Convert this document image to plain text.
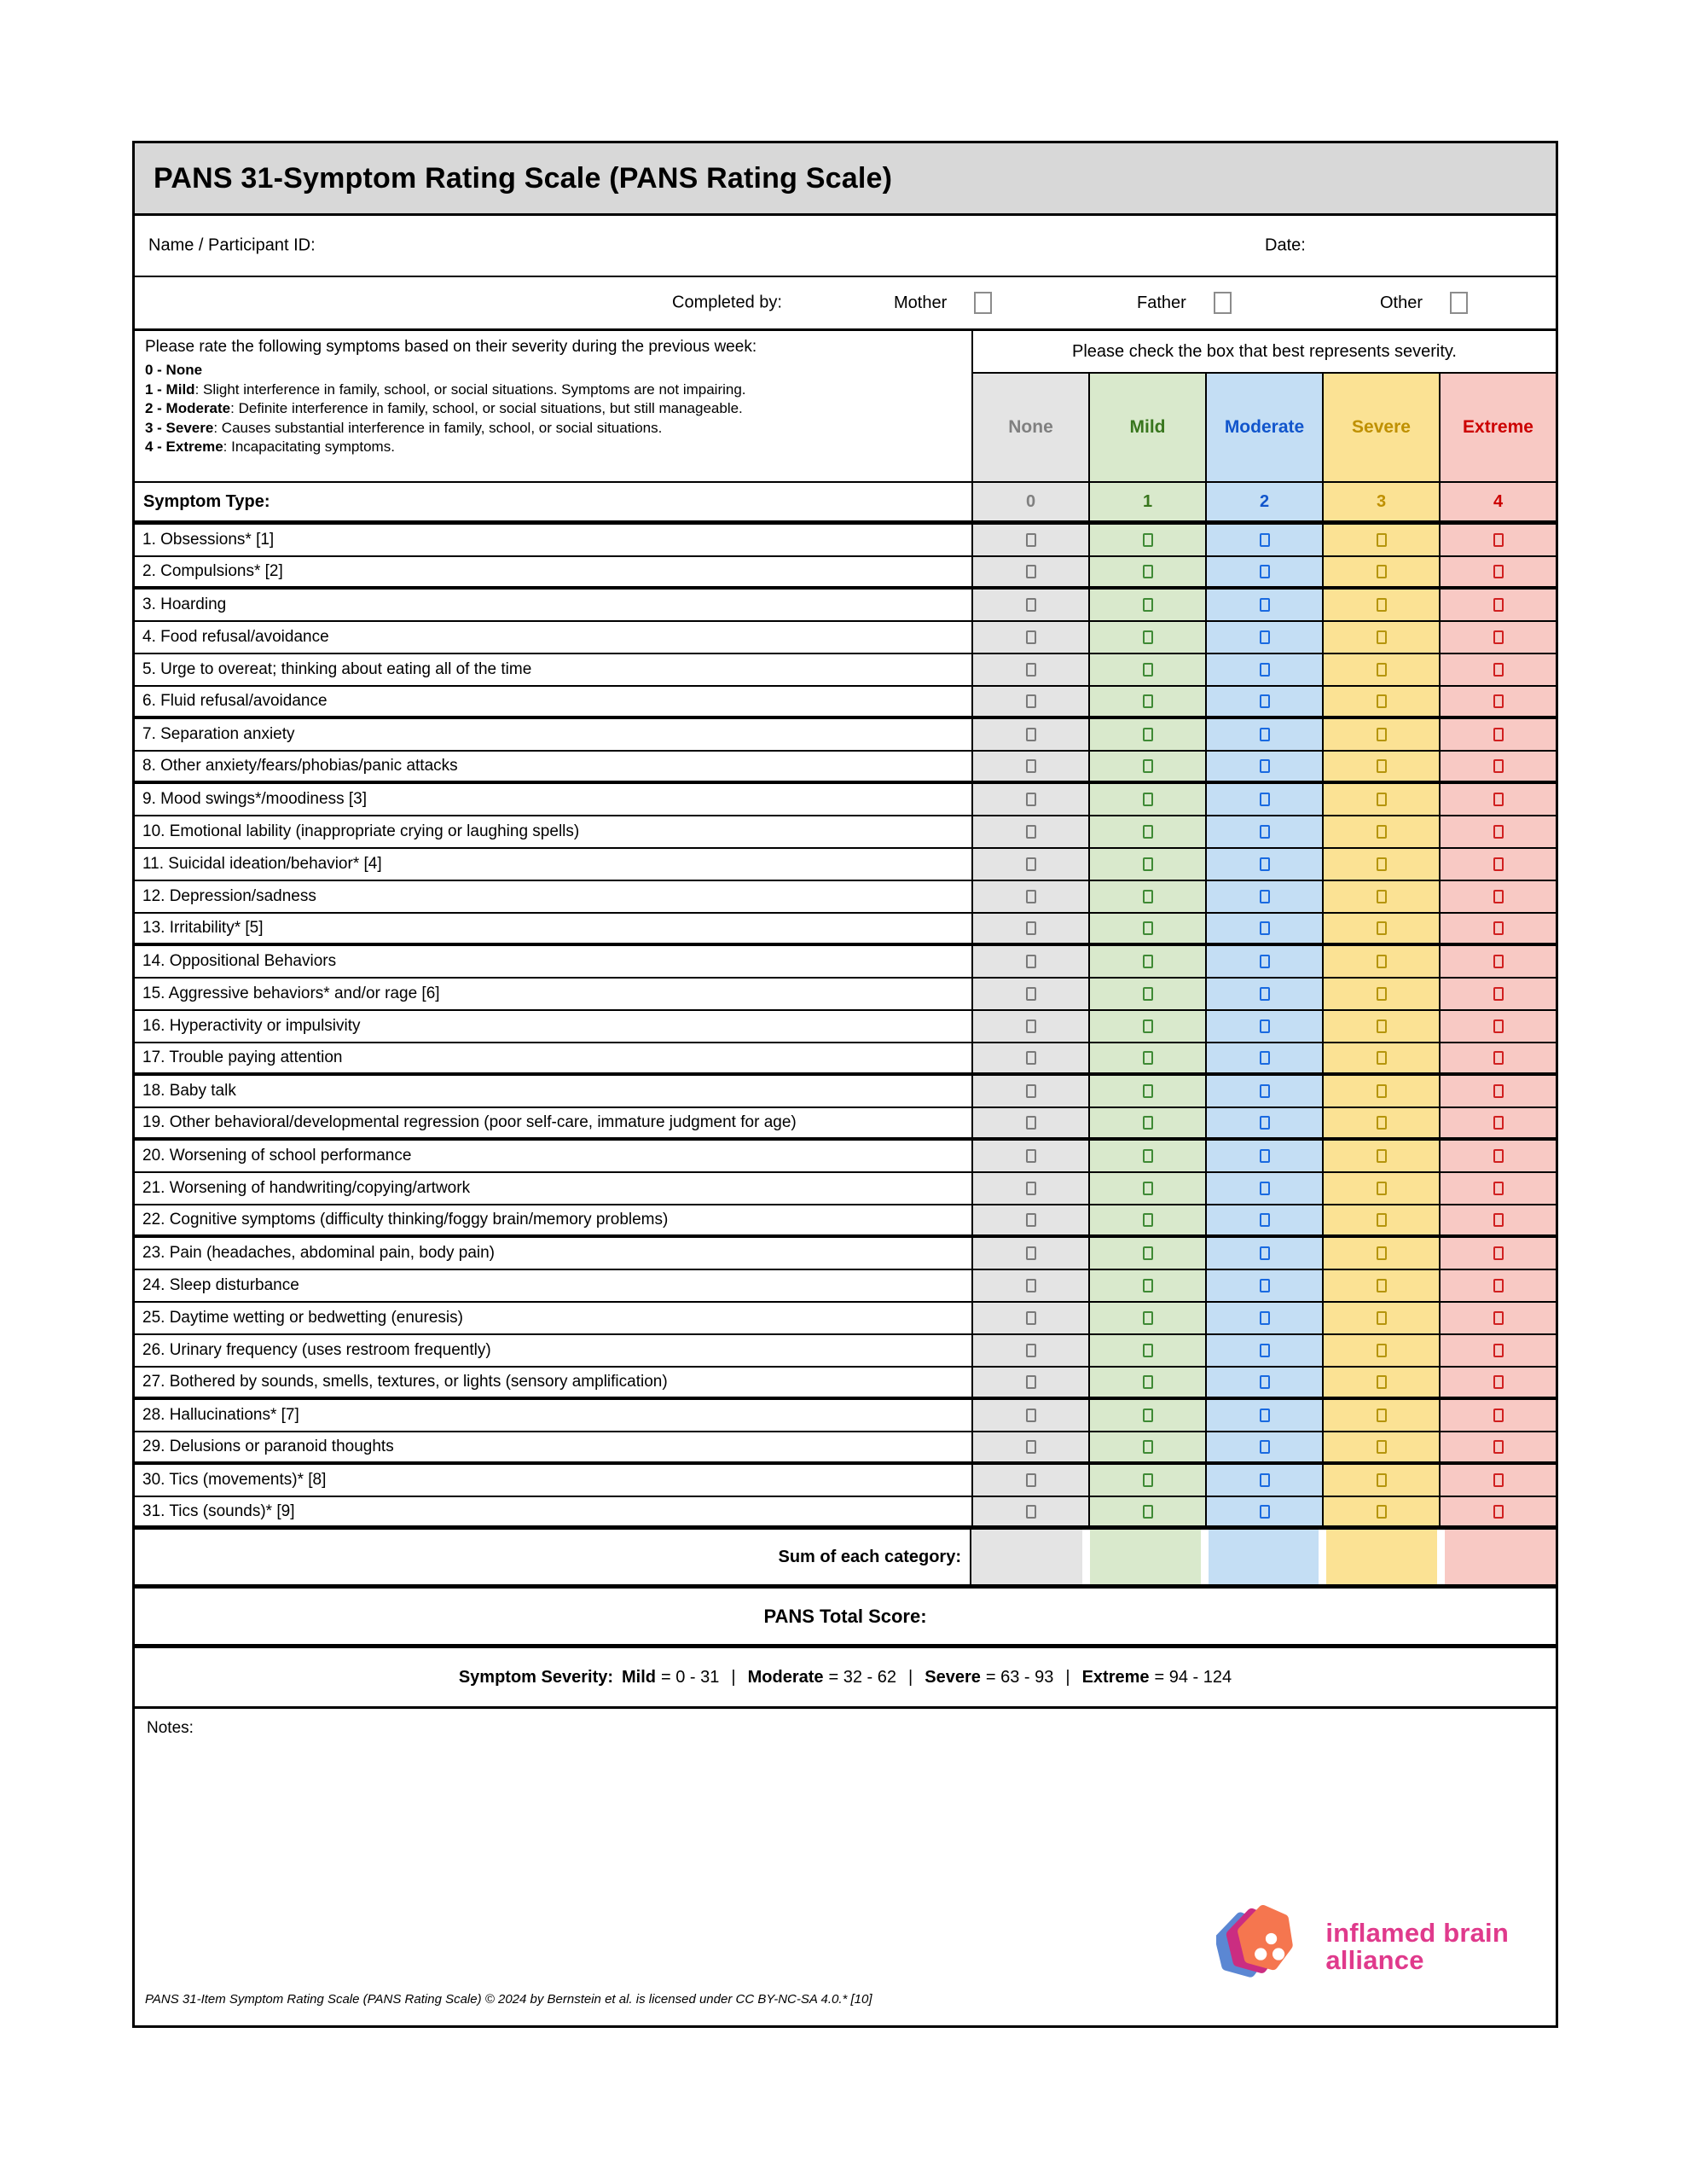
PANS 31-Symptom Rating Scale (PANS Rating Scale)
Name / Participant ID:	Date:
Completed by:	Mother	Father	Other

Please rate the following symptoms based on their severity during the previous week:

0 - None

1 - Mild: Slight interference in family, school, or social situations. Symptoms are not impairing.

2 - Moderate: Definite interference in family, school, or social situations, but still manageable.

3 - Severe: Causes substantial interference in family, school, or social situations.

4 - Extreme: Incapacitating symptoms.

Please check the box that best represents severity.
None	Mild	Moderate	Severe	Extreme
Symptom Type:	0	1	2	3	4
1. Obsessions* [1]
2. Compulsions* [2]
3. Hoarding
4. Food refusal/avoidance
5. Urge to overeat; thinking about eating all of the time
6. Fluid refusal/avoidance
7. Separation anxiety
8. Other anxiety/fears/phobias/panic attacks
9. Mood swings*/moodiness [3]
10. Emotional lability (inappropriate crying or laughing spells)
11. Suicidal ideation/behavior* [4]
12. Depression/sadness
13. Irritability* [5]
14. Oppositional Behaviors
15. Aggressive behaviors* and/or rage [6]
16. Hyperactivity or impulsivity
17. Trouble paying attention
18. Baby talk
19. Other behavioral/developmental regression (poor self-care, immature judgment for age)
20. Worsening of school performance
21. Worsening of handwriting/copying/artwork
22. Cognitive symptoms (difficulty thinking/foggy brain/memory problems)
23. Pain (headaches, abdominal pain, body pain)
24. Sleep disturbance
25. Daytime wetting or bedwetting (enuresis)
26. Urinary frequency (uses restroom frequently)
27. Bothered by sounds, smells, textures, or lights (sensory amplification)
28. Hallucinations* [7]
29. Delusions or paranoid thoughts
30. Tics (movements)* [8]
31. Tics (sounds)* [9]
Sum of each category:
PANS Total Score:
Symptom Severity: Mild = 0 - 31 | Moderate = 32 - 62 | Severe = 63 - 93 | Extreme = 94 - 124
Notes:
inflamed brain
alliance
PANS 31-Item Symptom Rating Scale (PANS Rating Scale) © 2024 by Bernstein et al. is licensed under CC BY-NC-SA 4.0.* [10]
